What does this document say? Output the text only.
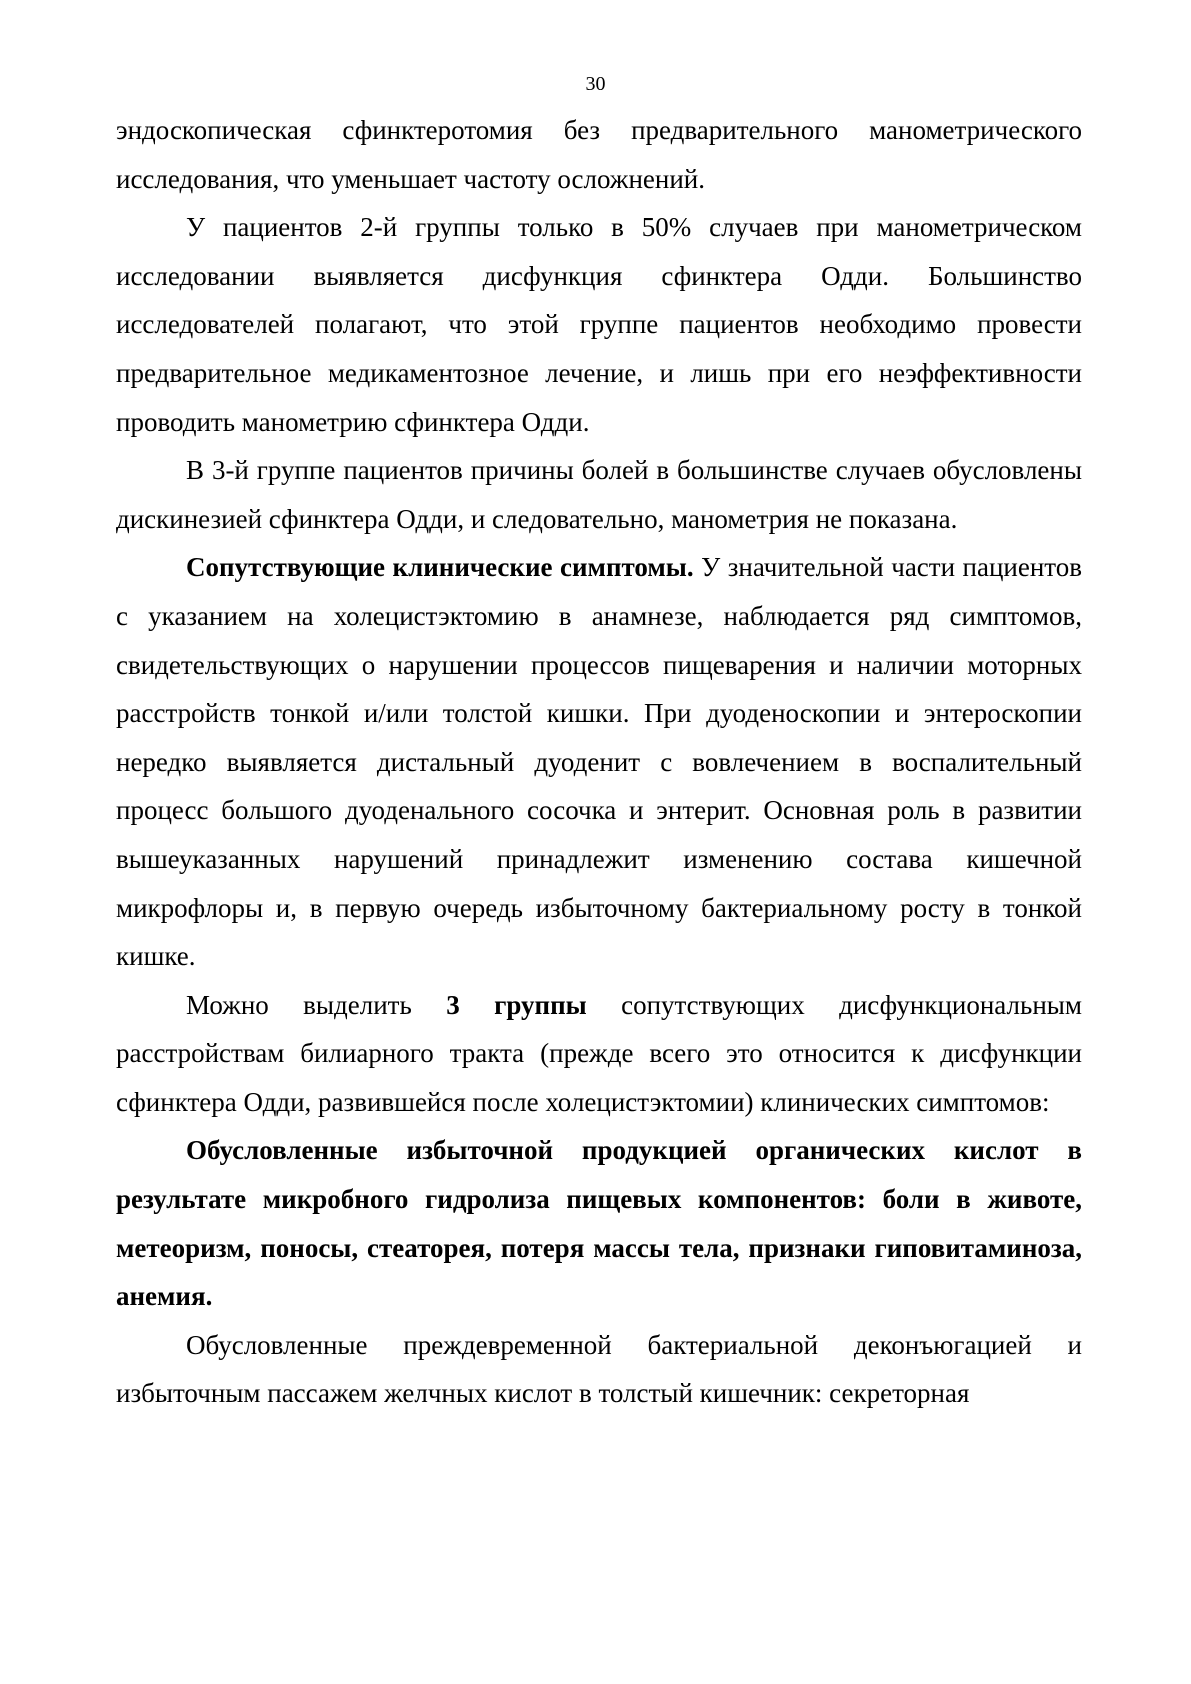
30

эндоскопическая сфинктеротомия без предварительного манометрического исследования, что уменьшает частоту осложнений.

У пациентов 2-й группы только в 50% случаев при манометрическом исследовании выявляется дисфункция сфинктера Одди. Большинство исследователей полагают, что этой группе пациентов необходимо провести предварительное медикаментозное лечение, и лишь при его неэффективности проводить манометрию сфинктера Одди.

В 3-й группе пациентов причины болей в большинстве случаев обусловлены дискинезией сфинктера Одди, и следовательно, манометрия не показана.

Сопутствующие клинические симптомы. У значительной части пациентов с указанием на холецистэктомию в анамнезе, наблюдается ряд симптомов, свидетельствующих о нарушении процессов пищеварения и наличии моторных расстройств тонкой и/или толстой кишки. При дуоденоскопии и энтероскопии нередко выявляется дистальный дуоденит с вовлечением в воспалительный процесс большого дуоденального сосочка и энтерит. Основная роль в развитии вышеуказанных нарушений принадлежит изменению состава кишечной микрофлоры и, в первую очередь избыточному бактериальному росту в тонкой кишке.

Можно выделить 3 группы сопутствующих дисфункциональным расстройствам билиарного тракта (прежде всего это относится к дисфункции сфинктера Одди, развившейся после холецистэктомии) клинических симптомов:

Обусловленные избыточной продукцией органических кислот в результате микробного гидролиза пищевых компонентов: боли в животе, метеоризм, поносы, стеаторея, потеря массы тела, признаки гиповитаминоза, анемия.

Обусловленные преждевременной бактериальной деконъюгацией и избыточным пассажем желчных кислот в толстый кишечник: секреторная
